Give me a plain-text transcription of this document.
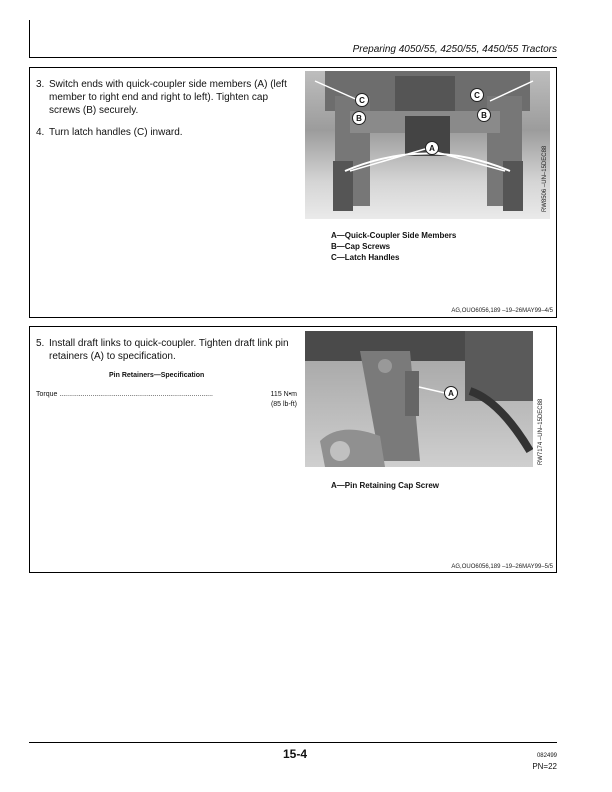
Preparing 4050/55, 4250/55, 4450/55 Tractors
3. Switch ends with quick-coupler side members (A) (left
member to right end and right to left). Tighten cap
screws (B) securely.
4. Turn latch handles (C) inward.
C
C
B	B
A	RW8506 –UN–15DEC88
A—Quick-Coupler Side Members
B—Cap Screws
C—Latch Handles
AG,OUO6056,189 –19–26MAY99–4/5
5. Install draft links to quick-coupler. Tighten draft link pin
retainers (A) to specification.
Pin Retainers—Specification
Torque ...............................................................................	115 N•m
(85 lb-ft)
A
RW7174 –UN–15DEC88
A—Pin Retaining Cap Screw
AG,OUO6056,189 –19–26MAY99–5/5
15-4	082499
PN=22
